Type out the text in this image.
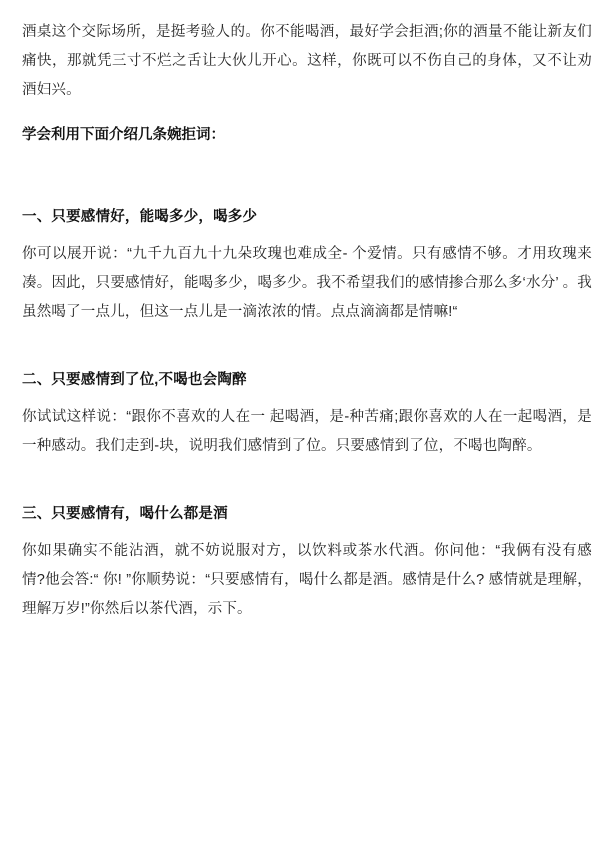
酒桌这个交际场所，是挺考验人的。你不能喝酒，最好学会拒酒;你的酒量不能让新友们痛快，那就凭三寸不烂之舌让大伙儿开心。这样，你既可以不伤自己的身体，又不让劝酒妇兴。

学会利用下面介绍几条婉拒词：

一、只要感情好，能喝多少，喝多少

你可以展开说：“九千九百九十九朵玫瑰也难成全- 个爱情。只有感情不够。才用玫瑰来凑。因此，只要感情好，能喝多少，喝多少。我不希望我们的感情掺合那么多‘水分’ 。我虽然喝了一点儿，但这一点儿是一滴浓浓的情。点点滴滴都是情嘛!“

二、只要感情到了位,不喝也会陶醉

你试试这样说：“跟你不喜欢的人在一 起喝酒，是-种苦痛;跟你喜欢的人在一起喝酒，是一种感动。我们走到-块，说明我们感情到了位。只要感情到了位，不喝也陶醉。

三、只要感情有，喝什么都是酒

你如果确实不能沾酒，就不妨说服对方，以饮料或茶水代酒。你问他：“我俩有没有感情?他会答:“ 你! ”你顺势说：“只要感情有，喝什么都是酒。感情是什么? 感情就是理解，理解万岁!”你然后以茶代酒，示下。
